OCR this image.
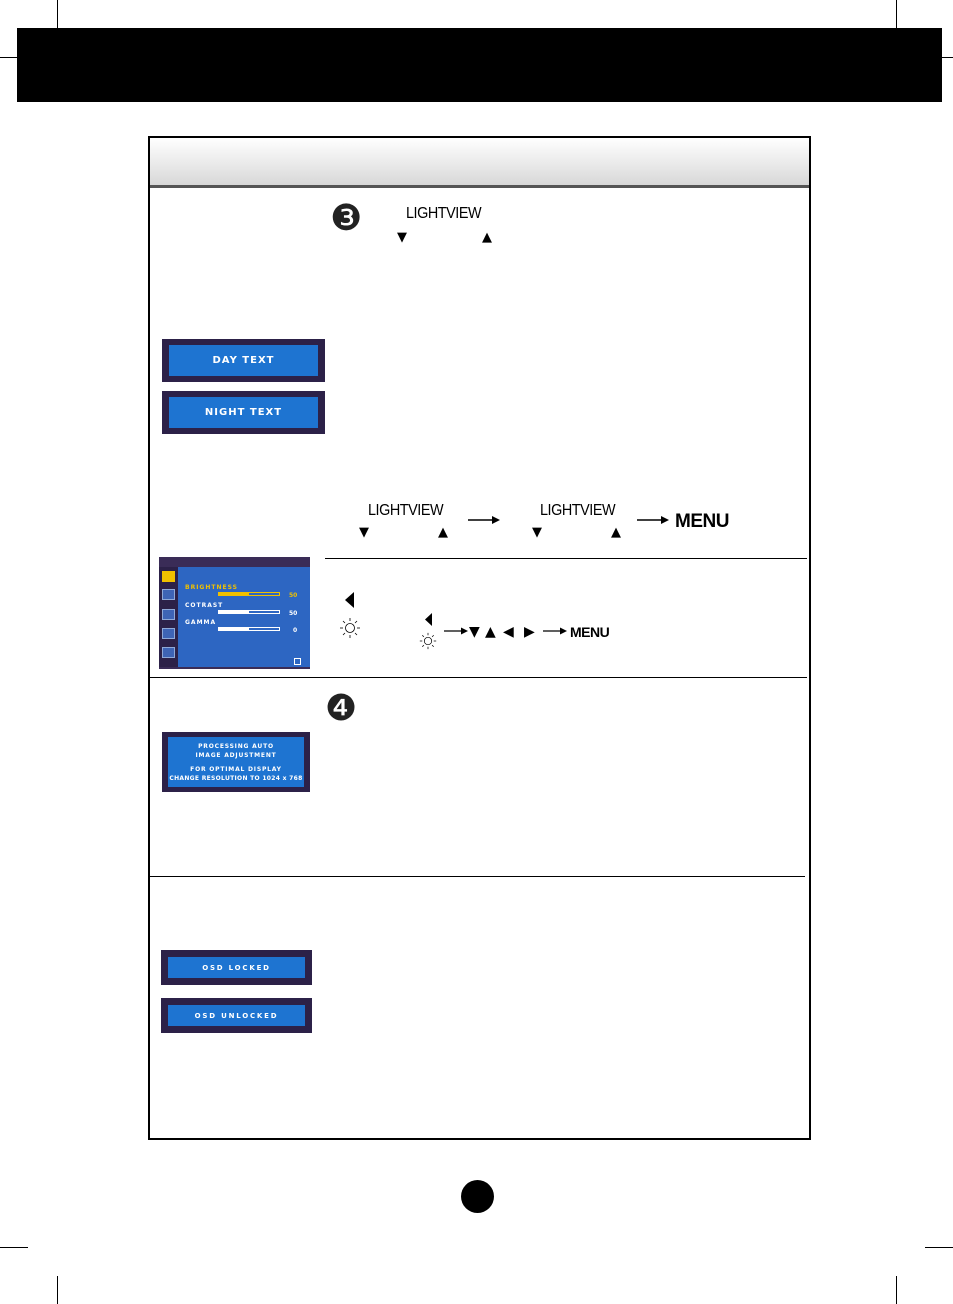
❸	LIGHTVIEW
▼	▲
DAY TEXT
NIGHT TEXT
LIGHTVIEW
▼	▲
LIGHTVIEW
▼	▲
MENU
BRIGHTNESS
50
COTRAST
50
GAMMA
0	▼ ▲ ◀ ▶	MENU
❹
PROCESSING AUTO
IMAGE ADJUSTMENT
FOR OPTIMAL DISPLAY
CHANGE RESOLUTION TO 1024 x 768
OSD LOCKED
OSD UNLOCKED
